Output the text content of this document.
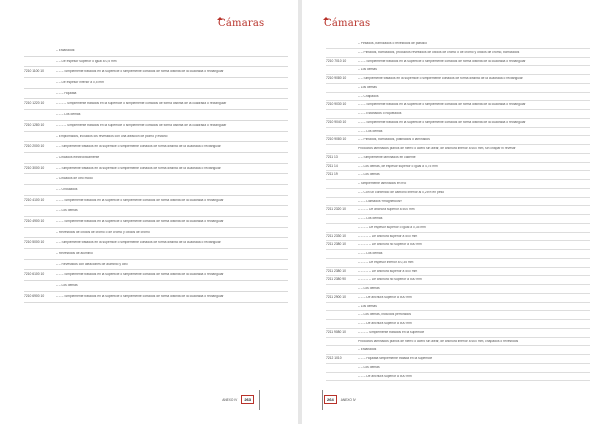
Cámaras
– Estañados:
– – De espesor superior o igual a 0,5 mm
7210 1100 10	– – – Simplemente tratados en la superficie o simplemente cortados de forma distinta de la cuadrada o rectangular
– – De espesor inferior a 0,5 mm
– – – Hojalata
7210 1220 10	– – – – Simplemente tratados en la superficie o simplemente cortados de forma distinta de la cuadrada o rectangular
– – – Los demás
7210 1280 10	– – – – Simplemente tratados en la superficie o simplemente cortados de forma distinta de la cuadrada o rectangular
– Emplomados, incluidos los revestidos con una aleación de plomo y estaño
7210 2000 10	– – Simplemente tratados en la superficie o simplemente cortados de forma distinta de la cuadrada o rectangular
– Cincados electrolíticamente
7210 3000 10	– – Simplemente tratados en la superficie o simplemente cortados de forma distinta de la cuadrada o rectangular
– Cincados de otro modo
– – Ondulados
7210 4100 10	– – – Simplemente tratados en la superficie o simplemente cortados de forma distinta de la cuadrada o rectangular
– – Los demás
7210 4900 10	– – – Simplemente tratados en la superficie o simplemente cortados de forma distinta de la cuadrada o rectangular
– Revestidos de óxidos de cromo o de cromo y óxidos de cromo
7210 5000 10	– – Simplemente tratados en la superficie o simplemente cortados de forma distinta de la cuadrada o rectangular
– Revestidos de aluminio
– – Revestidos con aleaciones de aluminio y cinc
7210 6100 10	– – – Simplemente tratados en la superficie o simplemente cortados de forma distinta de la cuadrada o rectangular
– – Los demás
7210 6900 10	– – – Simplemente tratados en la superficie o simplemente cortados de forma distinta de la cuadrada o rectangular
ANEXO IV	263
Cámaras
– Pintados, barnizados o revestidos de plástico
– – Pintados, barnizados, productos revestidos de óxidos de cromo o de cromo y óxidos de cromo, barnizados
7210 7010 10	– – – Simplemente tratados en la superficie o simplemente cortados de forma distinta de la cuadrada o rectangular
– Los demás
7210 9080 10	– – Simplemente tratados en la superficie o simplemente cortados de forma distinta de la cuadrada o rectangular
– Los demás
– – Chapados
7210 9030 10	– – – Simplemente tratados en la superficie o simplemente cortados de forma distinta de la cuadrada o rectangular
– – – Estañados o niquelados
7210 9040 10	– – – Simplemente tratados en la superficie o simplemente cortados de forma distinta de la cuadrada o rectangular
– – – Los demás
7210 9080 10	– – Pintados, barnizados, platinados o laminados
Productos laminados planos de hierro o acero sin alear, de anchura inferior a 600 mm, sin chapar ni revestir
7211 13	– – Simplemente laminados en caliente
7211 14	– – Los demás, de espesor superior o igual a 4,75 mm
7211 19	– – Los demás
– Simplemente laminados en frío
– – Con un contenido de carbono inferior al 0,25% en peso
– – – Llamados «magnéticos»
7211 2320 10	– – – – De anchura superior a 500 mm
– – – Los demás
– – – – De espesor superior o igual a 0,35 mm
7211 2330 10	– – – – – De anchura superior a 500 mm
7211 2380 10	– – – – – De anchura no superior a 500 mm
– – – Los demás
– – – – De espesor inferior a 0,35 mm
7211 2380 10	– – – – – De anchura superior a 500 mm
7211 2380 90	– – – – – De anchura no superior a 500 mm
– – Los demás
7211 2900 10	– – – De anchura superior a 500 mm
– Los demás
– – Los demás, incluidos perforados
– – – De anchura superior a 500 mm
7211 9080 10	– – – – Simplemente tratados en la superficie
Productos laminados planos de hierro o acero sin alear, de anchura inferior a 600 mm, chapados o revestidos
– Estañados
7212 1010	– – – Hojalata simplemente tratada en la superficie
– – Los demás
– – – De anchura superior a 500 mm
264	ANEXO IV
